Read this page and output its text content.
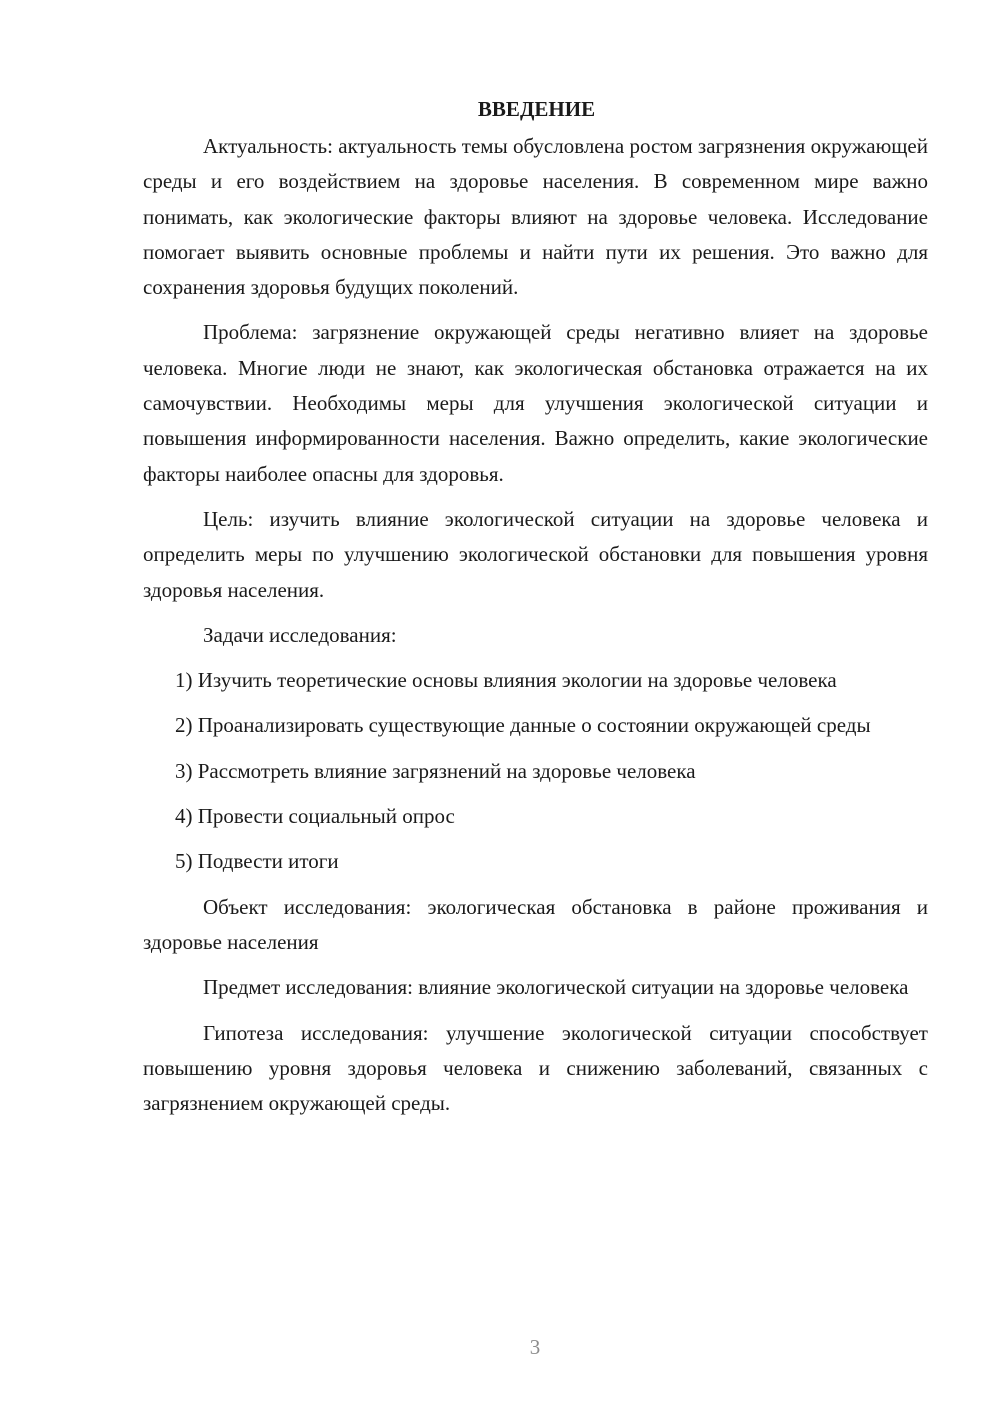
ВВЕДЕНИЕ

Актуальность: актуальность темы обусловлена ростом загрязнения окружающей среды и его воздействием на здоровье населения. В современном мире важно понимать, как экологические факторы влияют на здоровье человека. Исследование помогает выявить основные проблемы и найти пути их решения. Это важно для сохранения здоровья будущих поколений.

Проблема: загрязнение окружающей среды негативно влияет на здоровье человека. Многие люди не знают, как экологическая обстановка отражается на их самочувствии. Необходимы меры для улучшения экологической ситуации и повышения информированности населения. Важно определить, какие экологические факторы наиболее опасны для здоровья.

Цель: изучить влияние экологической ситуации на здоровье человека и определить меры по улучшению экологической обстановки для повышения уровня здоровья населения.

Задачи исследования:

1) Изучить теоретические основы влияния экологии на здоровье человека

2) Проанализировать существующие данные о состоянии окружающей среды

3) Рассмотреть влияние загрязнений на здоровье человека

4) Провести социальный опрос

5) Подвести итоги

Объект исследования: экологическая обстановка в районе проживания и здоровье населения

Предмет исследования: влияние экологической ситуации на здоровье человека

Гипотеза исследования: улучшение экологической ситуации способствует повышению уровня здоровья человека и снижению заболеваний, связанных с загрязнением окружающей среды.

3
